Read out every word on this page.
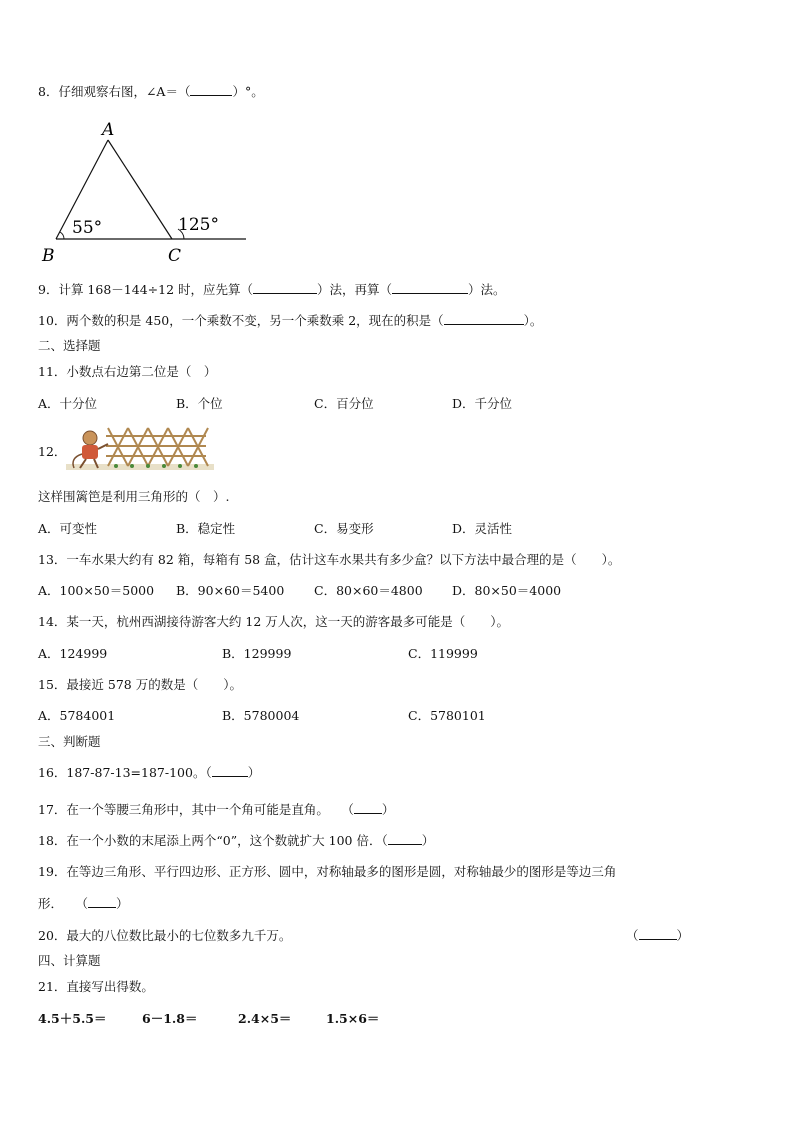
8．仔细观察右图，∠A＝（	）°。
A
B	C
55°	125°
9．计算 168－144÷12 时，应先算（	）法，再算（	）法。
10．两个数的积是 450，一个乘数不变，另一个乘数乘 2，现在的积是（	）。
二、选择题
11．小数点右边第二位是（　）
A．十分位	B．个位	C．百分位	D．千分位
12．
这样围篱笆是利用三角形的（　）.
A．可变性	B．稳定性	C．易变形	D．灵活性
13．一车水果大约有 82 箱，每箱有 58 盒，估计这车水果共有多少盒？以下方法中最合理的是（　　）。
A．100×50＝5000 B．90×60＝5400 C．80×60＝4800 D．80×50＝4000
14．某一天，杭州西湖接待游客大约 12 万人次，这一天的游客最多可能是（　　）。
A．124999	B．129999	C．119999
15．最接近 578 万的数是（　　）。
A．5784001	B．5780004	C．5780101
三、判断题
16．187-87-13=187-100。（	）
17．在一个等腰三角形中，其中一个角可能是直角。　　（ ）
18．在一个小数的末尾添上两个“0”，这个数就扩大 100 倍．（	）
19．在等边三角形、平行四边形、正方形、圆中，对称轴最多的图形是圆，对称轴最少的图形是等边三角
形．　　（ ）
20．最大的八位数比最小的七位数多九千万。	（	）
四、计算题
21．直接写出得数。
4.5＋5.5＝	6－1.8＝	2.4×5＝	1.5×6＝
